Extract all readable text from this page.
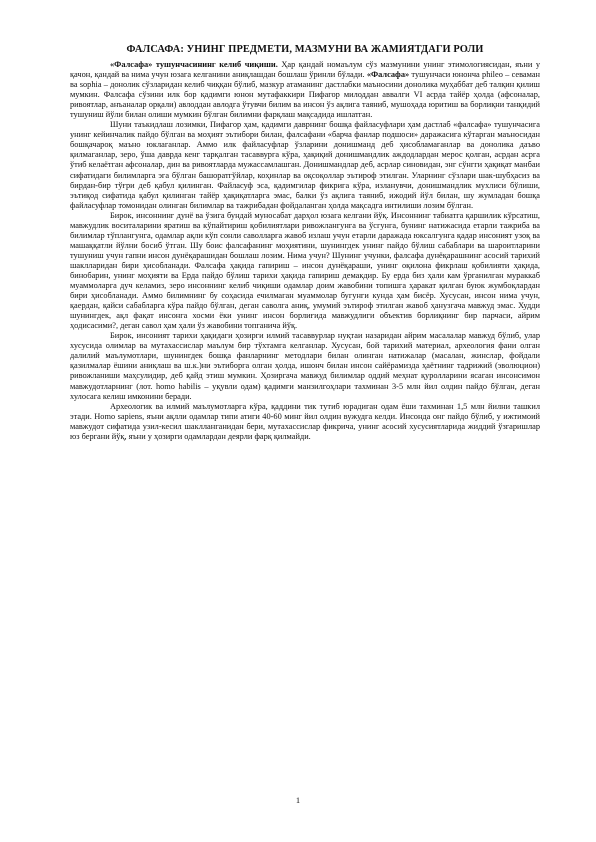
ФАЛСАФА: УНИНГ ПРЕДМЕТИ, МАЗМУНИ ВА ЖАМИЯТДАГИ РОЛИ

«Фалсафа» тушунчасининг келиб чиқиши. Ҳар қандай номаълум сўз мазмунини унинг этимологиясидан, яъни у қачон, қандай ва нима учун юзага келганини аниқлашдан бошлаш ўринли бўлади. «Фалсафа» тушунчаси юнонча phileo – севаман ва sophia – донолик сўзларидан келиб чиққан бўлиб, мазкур атаманинг дастлабки маъносини донолика муҳаббат деб талқин қилиш мумкин. Фалсафа сўзини илк бор қадимги юнон мутафаккири Пифагор милоддан аввалги VI асрда тайёр ҳолда (афсоналар, ривоятлар, анъаналар орқали) авлоддан авлодга ўтувчи билим ва инсон ўз ақлига таяниб, мушоҳада юритиш ва борлиқни танқидий тушуниш йўли билан олиши мумкин бўлган билимни фарқлаш мақсадида ишлатган.

Шуни таъкидлаш лозимки, Пифагор ҳам, қадимги даврнинг бошқа файласуфлари ҳам дастлаб «фалсафа» тушунчасига унинг кейинчалик пайдо бўлган ва моҳият эътибори билан, фалсафани «барча фанлар подшоси» даражасига кўтарган маъносидан бошқачароқ маъно юклаганлар. Аммо илк файласуфлар ўзларини донишманд деб ҳисобламаганлар ва донолика даъво қилмаганлар, зеро, ўша даврда кенг тарқалган тасаввурга кўра, ҳақиқий донишмандлик аждодлардан мерос қолган, асрдан асрга ўтиб келаётган афсоналар, дин ва ривоятларда мужассамлашган. Донишмандлар деб, асрлар синовидан, энг сўнгги ҳақиқат манбаи сифатидаги билимларга эга бўлган башоратгўйлар, коҳинлар ва оқсоқоллар эътироф этилган. Уларнинг сўзлари шак-шубҳасиз ва бирдан-бир тўғри деб қабул қилинган. Файласуф эса, қадимгилар фикрига кўра, изланувчи, донишмандлик мухлиси бўлиши, эътиқод сифатида қабул қилинган тайёр ҳақиқатларга эмас, балки ўз ақлига таяниб, ижодий йўл билан, шу жумладан бошқа файласуфлар томонидан олинган билимлар ва тажрибадан фойдаланган ҳолда мақсадга интилиши лозим бўлган.

Бирок, инсоннинг дунё ва ўзига бундай муносабат дарҳол юзага келгани йўқ. Инсоннинг табиатга қаршилик кўрсатиш, мавжудлик воситаларини яратиш ва кўпайтириш қобилиятлари ривожлангунга ва ўсгунга, бунинг натижасида етарли тажриба ва билимлар тўплангунга, одамлар ақли кўп сонли саволларга жавоб излаш учун етарли даражада юксалгунга қадар инсоният узоқ ва машаққатли йўлни босиб ўтган. Шу боис фалсафанинг моҳиятини, шунингдек унинг пайдо бўлиш сабаблари ва шароитларини тушуниш учун гапни инсон дунёқарашидан бошлаш лозим. Нима учун? Шунинг учунки, фалсафа дунёқарашнинг асосий тарихий шаклларидан бири ҳисобланади. Фалсафа ҳақида гапириш – инсон дунёқараши, унинг оқилона фикрлаш қобилияти ҳақида, бинобарин, унинг моҳияти ва Ерда пайдо бўлиш тарихи ҳақида гапириш демакдир. Бу ерда биз ҳали кам ўрганилган мураккаб муаммоларга дуч келамиз, зеро инсоннинг келиб чиқиши одамлар доим жавобини топишга ҳаракат қилган буюк жумбоқлардан бири ҳисобланади. Аммо билимнинг бу соҳасида ечилмаган муаммолар бугунги кунда ҳам бисёр. Хусусан, инсон нима учун, қаердан, қайси сабабларга кўра пайдо бўлган, деган саволга аниқ, умумий эътироф этилган жавоб ҳанузгача мавжуд эмас. Худди шунингдек, ақл фақат инсонга хосми ёки унинг инсон борлиғида мавжудлиги объектив борлиқнинг бир парчаси, айрим ҳодисасими?, деган савол ҳам ҳали ўз жавобини топганича йўқ.

Бирок, инсоният тарихи ҳақидаги ҳозирги илмий тасаввурлар нуқтаи назаридан айрим масалалар мавжуд бўлиб, улар хусусида олимлар ва мутахассислар маълум бир тўхтамга келганлар. Хусусан, бой тарихий материал, археология фани олган далилий маълумотлари, шунингдек бошқа фанларнинг методлари билан олинган натижалар (масалан, жинслар, фойдали қазилмалар ёшини аниқлаш ва ш.к.)ни эътиборга олган ҳолда, ишонч билан инсон сайёрамизда ҳаётнинг тадрижий (эволюцион) ривожланиши маҳсулидир, деб қайд этиш мумкин. Ҳозиргача мавжуд билимлар оддий меҳнат қуролларини ясаган инсонсимон мавжудотларнинг (лот. homo habilis – уқувли одам) қадимги манзилгоҳлари тахминан 3-5 млн йил олдин пайдо бўлган, деган хулосага келиш имконини беради.

Археологик ва илмий маълумотларга кўра, қаддини тик тутиб юрадиган одам ёши тахминан 1,5 млн йилни ташкил этади. Homo sapiens, яъни ақлли одамлар типи атиги 40-60 минг йил олдин вужудга келди. Инсонда онг пайдо бўлиб, у ижтимоий мавжудот сифатида узил-кесил шаклланганидан бери, мутахассислар фикрича, унинг асосий хусусиятларида жиддий ўзгаришлар юз бергани йўқ, яъни у ҳозирги одамлардан деярли фарқ қилмайди.

1
